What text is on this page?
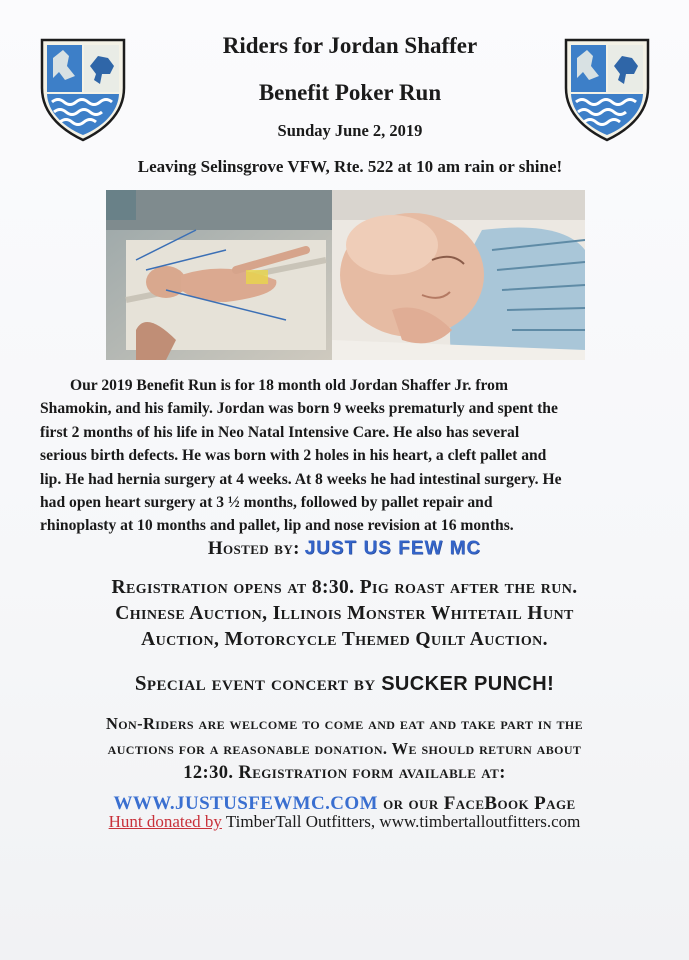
Riders for Jordan Shaffer
Benefit Poker Run
Sunday June 2, 2019
Leaving Selinsgrove VFW, Rte. 522 at 10 am rain or shine!
Our 2019 Benefit Run is for 18 month old Jordan Shaffer Jr. from
Shamokin, and his family. Jordan was born 9 weeks prematurly and spent the
first 2 months of his life in Neo Natal Intensive Care. He also has several
serious birth defects. He was born with 2 holes in his heart, a cleft pallet and
lip. He had hernia surgery at 4 weeks. At 8 weeks he had intestinal surgery. He
had open heart surgery at 3 ½ months, followed by pallet repair and
rhinoplasty at 10 months and pallet, lip and nose revision at 16 months.
Hosted by: JUST US FEW MC
Registration opens at 8:30. Pig roast after the run.
Chinese Auction, Illinois Monster Whitetail Hunt
Auction, Motorcycle Themed Quilt Auction.
Special event concert by SUCKER PUNCH!
Non-Riders are welcome to come and eat and take part in the
auctions for a reasonable donation. We should return about
12:30. Registration form available at:
WWW.JUSTUSFEWMC.COM or our FaceBook Page
Hunt donated by TimberTall Outfitters, www.timbertalloutfitters.com
